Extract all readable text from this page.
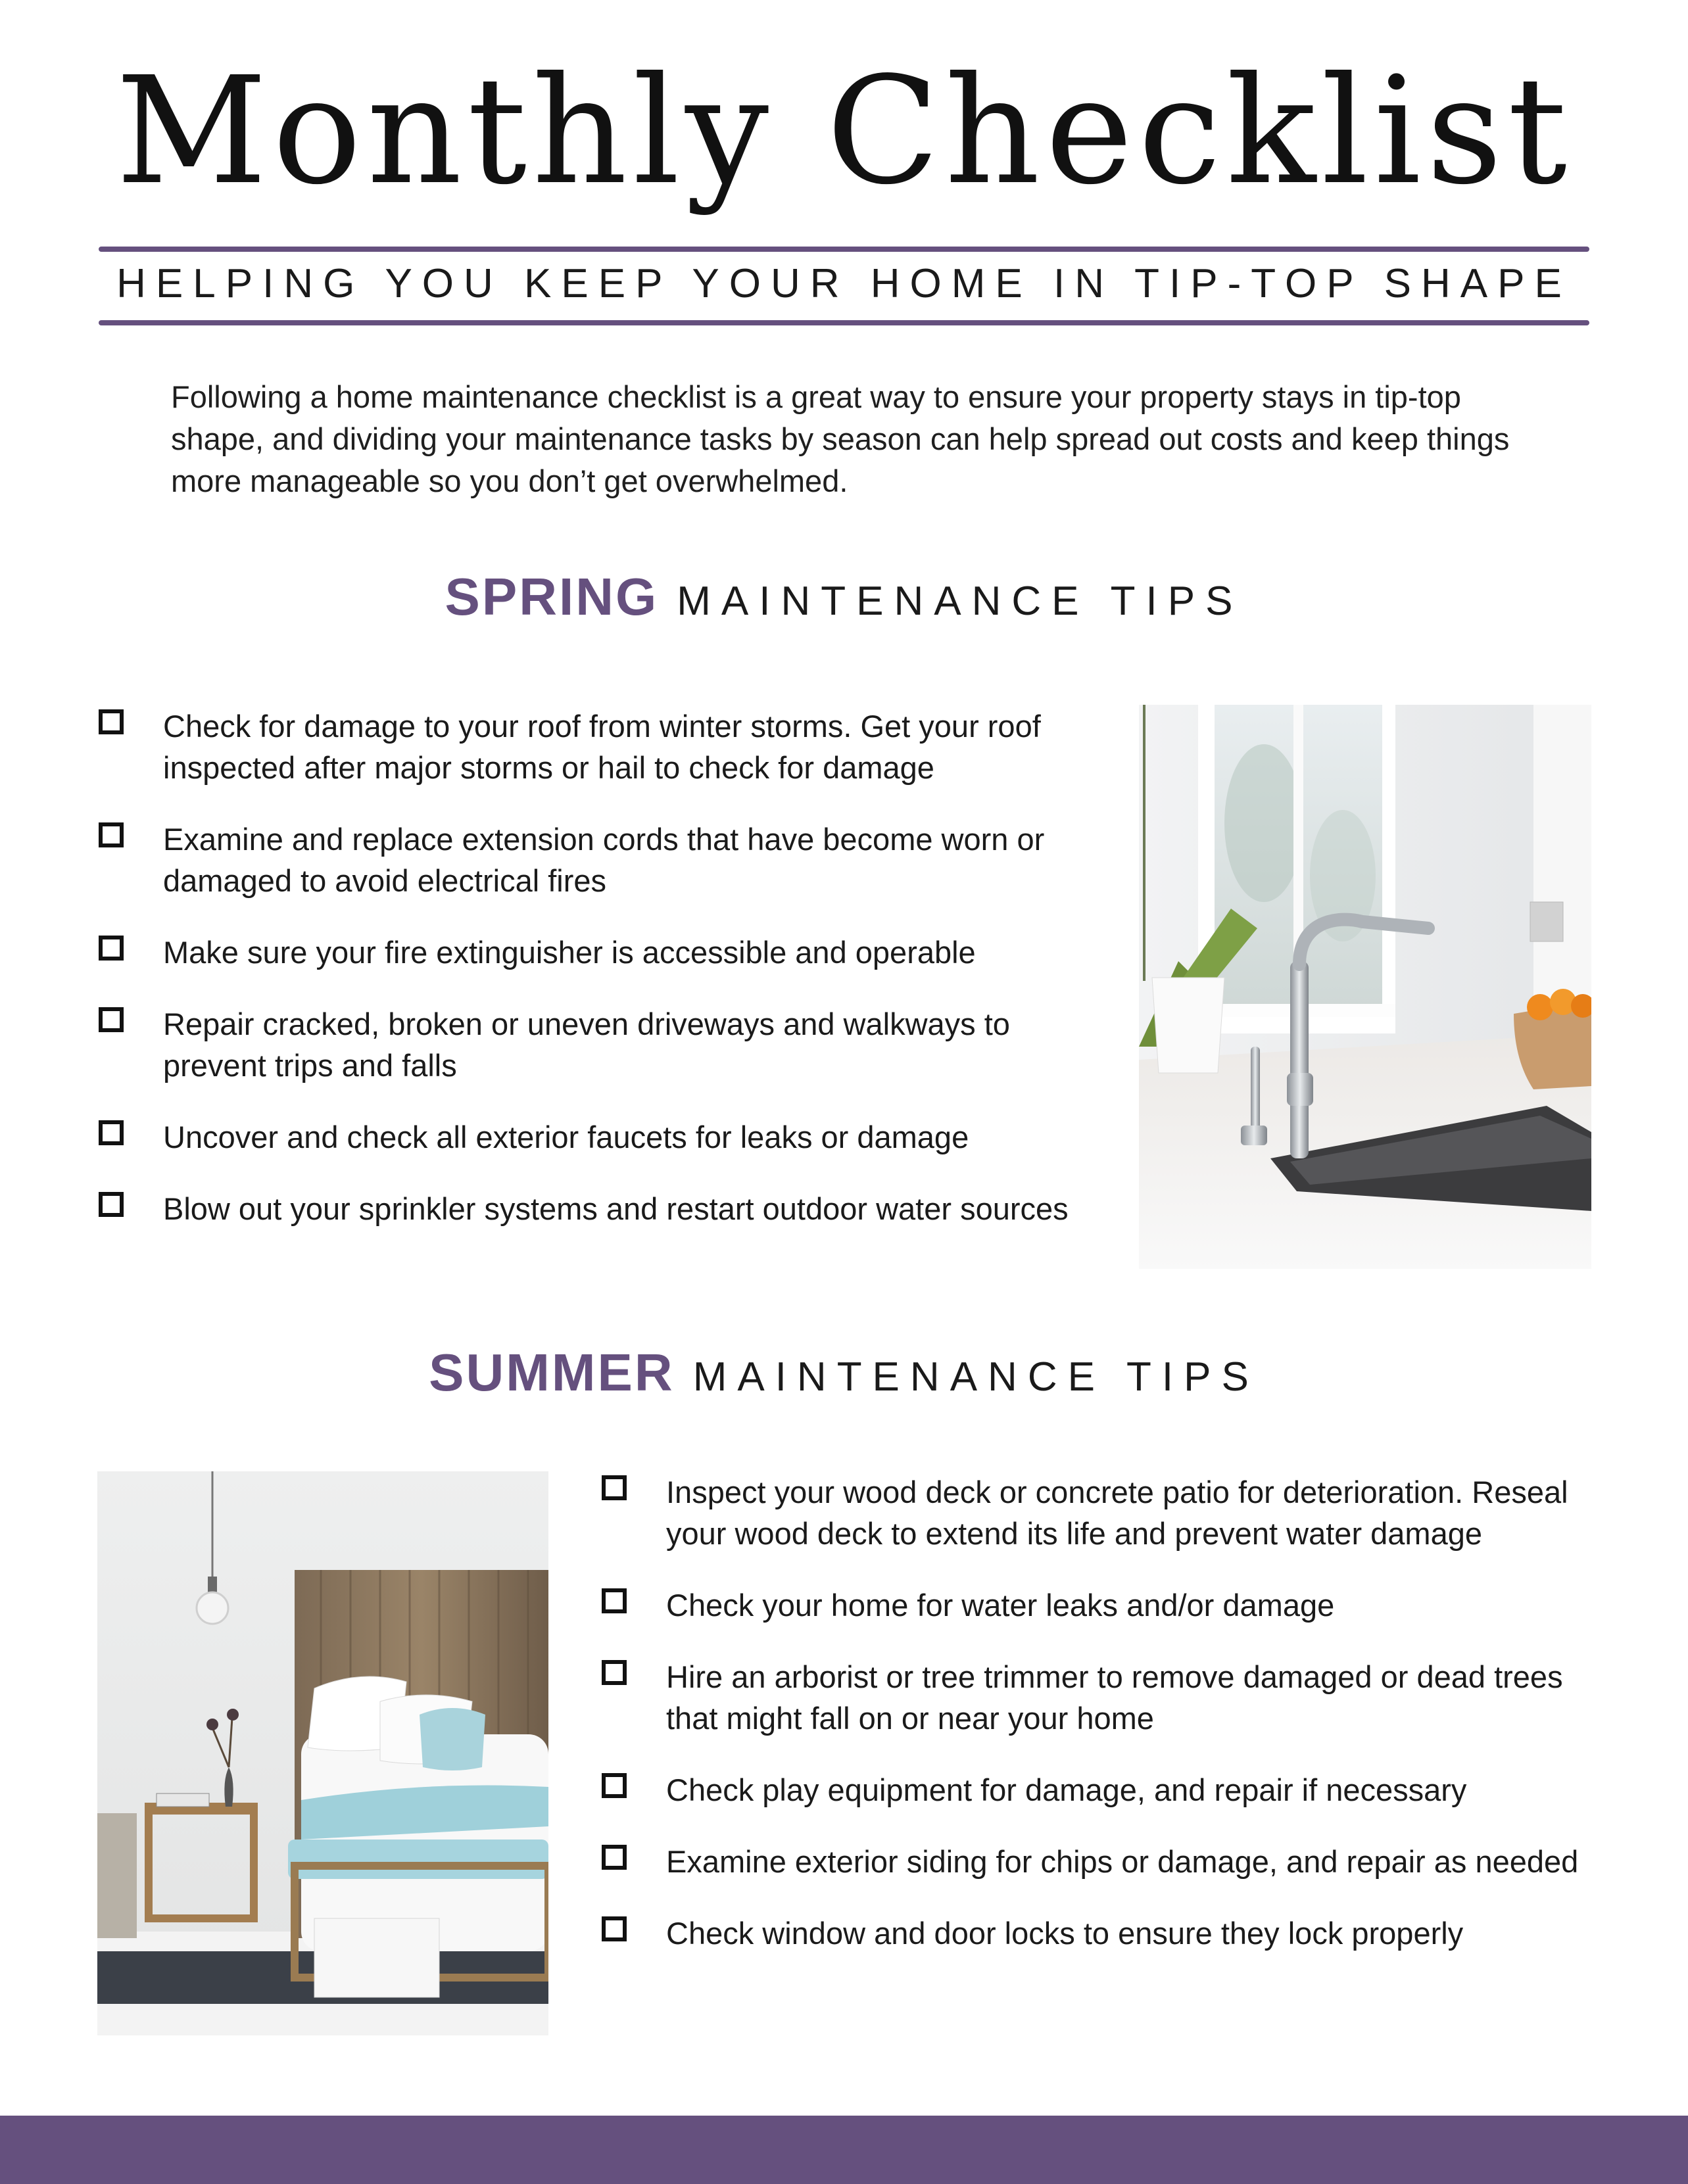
Monthly Checklist
HELPING YOU KEEP YOUR HOME IN TIP-TOP SHAPE
Following a home maintenance checklist is a great way to ensure your property stays in tip-top shape, and dividing your maintenance tasks by season can help spread out costs and keep things more manageable so you don’t get overwhelmed.
SPRING MAINTENANCE TIPS
Check for damage to your roof from winter storms. Get your roof inspected after major storms or hail to check for damage
Examine and replace extension cords that have become worn or damaged to avoid electrical fires
Make sure your fire extinguisher is accessible and operable
Repair cracked, broken or uneven driveways and walkways to prevent trips and falls
Uncover and check all exterior faucets for leaks or damage
Blow out your sprinkler systems and restart outdoor water sources
SUMMER MAINTENANCE TIPS
Inspect your wood deck or concrete patio for deterioration. Reseal your wood deck to extend its life and prevent water damage
Check your home for water leaks and/or damage
Hire an arborist or tree trimmer to remove damaged or dead trees that might fall on or near your home
Check play equipment for damage, and repair if necessary
Examine exterior siding for chips or damage, and repair as needed
Check window and door locks to ensure they lock properly
